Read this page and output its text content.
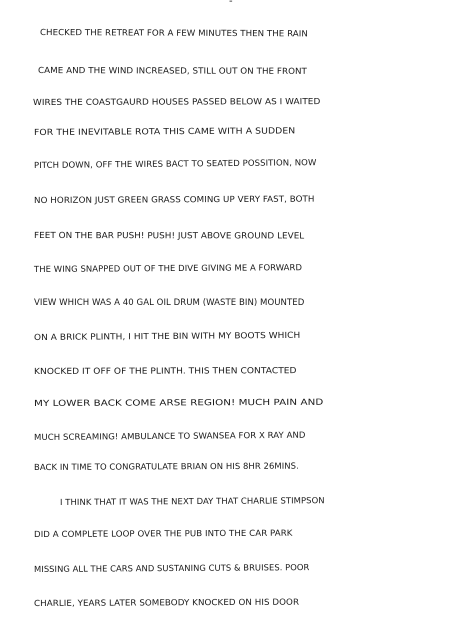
-
CHECKED THE RETREAT FOR A FEW MINUTES THEN THE RAIN
CAME AND THE WIND INCREASED, STILL OUT ON THE FRONT
WIRES THE COASTGAURD HOUSES PASSED BELOW AS I WAITED
FOR THE INEVITABLE ROTA THIS CAME WITH A SUDDEN
PITCH DOWN, OFF THE WIRES BACT TO SEATED POSSITION, NOW
NO HORIZON JUST GREEN GRASS COMING UP VERY FAST, BOTH
FEET ON THE BAR PUSH! PUSH! JUST ABOVE GROUND LEVEL
THE WING SNAPPED OUT OF THE DIVE GIVING ME A FORWARD
VIEW WHICH WAS A 40 GAL OIL DRUM (WASTE BIN) MOUNTED
ON A BRICK PLINTH, I HIT THE BIN WITH MY BOOTS WHICH
KNOCKED IT OFF OF THE PLINTH. THIS THEN CONTACTED
MY LOWER BACK COME ARSE REGION! MUCH PAIN AND
MUCH SCREAMING! AMBULANCE TO SWANSEA FOR X RAY AND
BACK IN TIME TO CONGRATULATE BRIAN ON HIS 8HR 26MINS.
I THINK THAT IT WAS THE NEXT DAY THAT CHARLIE STIMPSON
DID A COMPLETE LOOP OVER THE PUB INTO THE CAR PARK
MISSING ALL THE CARS AND SUSTANING CUTS & BRUISES. POOR
CHARLIE, YEARS LATER SOMEBODY KNOCKED ON HIS DOOR
